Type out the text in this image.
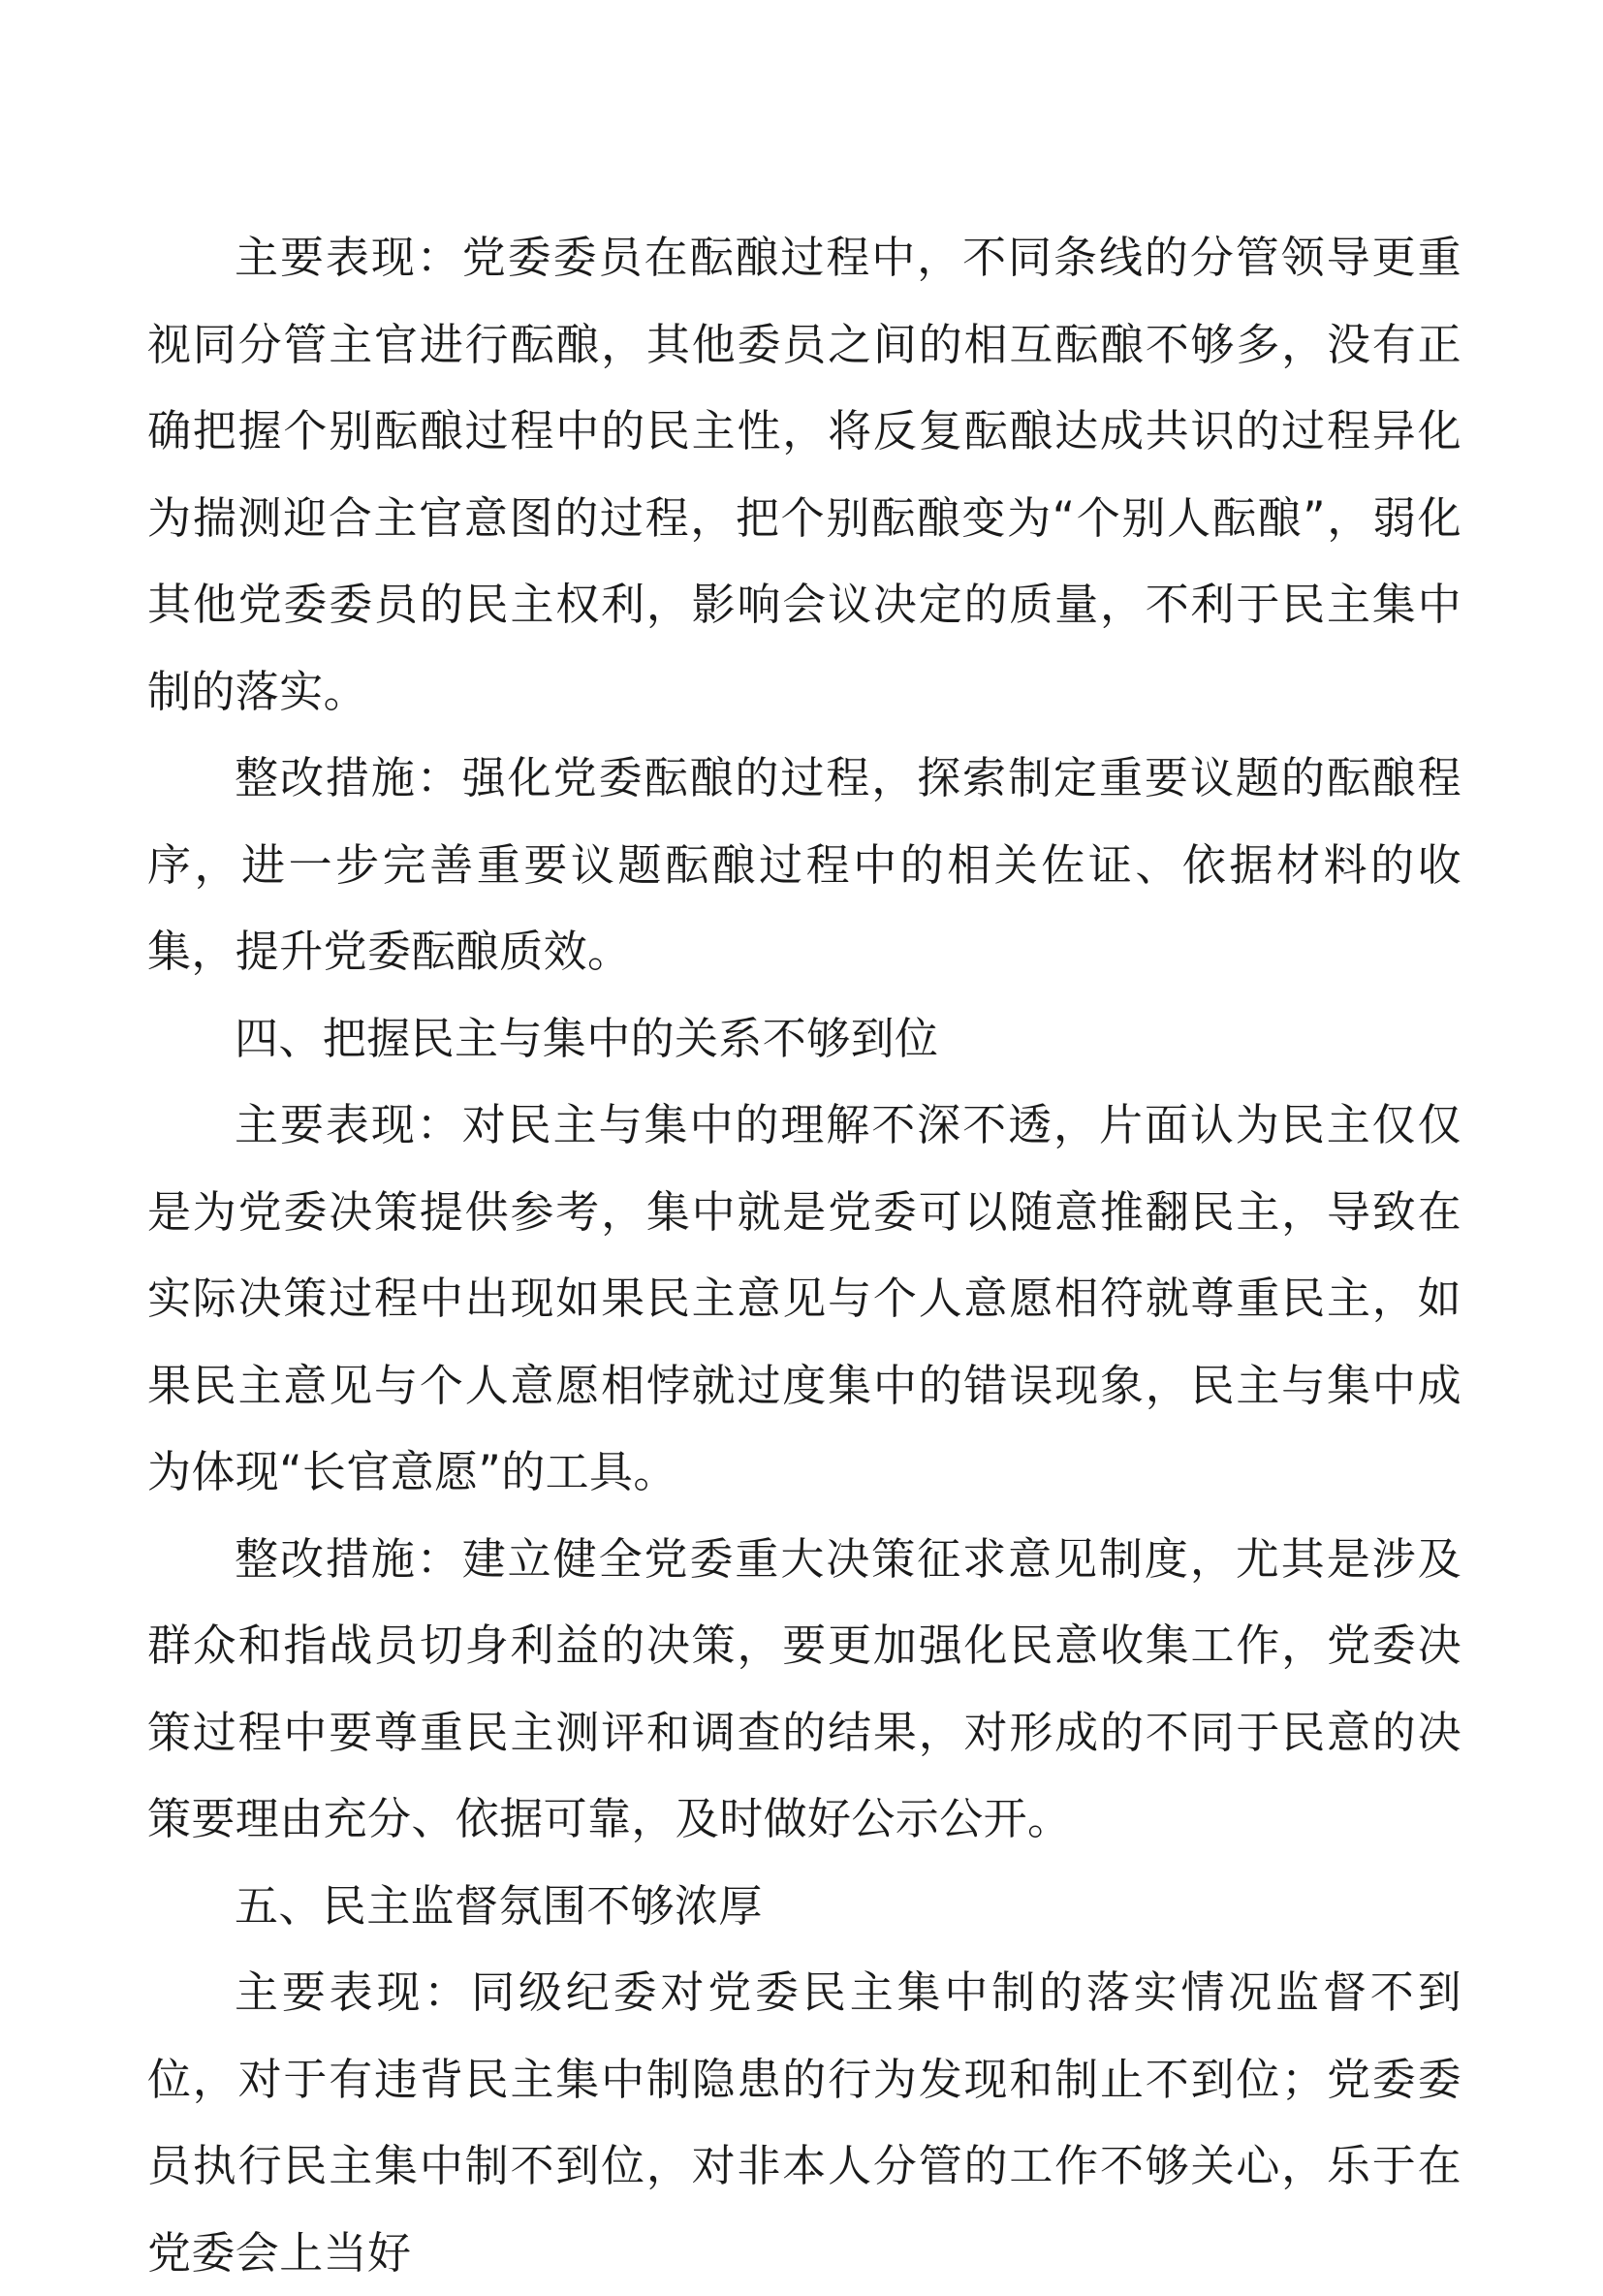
主要表现：党委委员在酝酿过程中，不同条线的分管领导更重视同分管主官进行酝酿，其他委员之间的相互酝酿不够多，没有正确把握个别酝酿过程中的民主性，将反复酝酿达成共识的过程异化为揣测迎合主官意图的过程，把个别酝酿变为“个别人酝酿”，弱化其他党委委员的民主权利，影响会议决定的质量，不利于民主集中制的落实。

整改措施：强化党委酝酿的过程，探索制定重要议题的酝酿程序，进一步完善重要议题酝酿过程中的相关佐证、依据材料的收集，提升党委酝酿质效。

四、把握民主与集中的关系不够到位

主要表现：对民主与集中的理解不深不透，片面认为民主仅仅是为党委决策提供参考，集中就是党委可以随意推翻民主，导致在实际决策过程中出现如果民主意见与个人意愿相符就尊重民主，如果民主意见与个人意愿相悖就过度集中的错误现象，民主与集中成为体现“长官意愿”的工具。

整改措施：建立健全党委重大决策征求意见制度，尤其是涉及群众和指战员切身利益的决策，要更加强化民意收集工作，党委决策过程中要尊重民主测评和调查的结果，对形成的不同于民意的决策要理由充分、依据可靠，及时做好公示公开。

五、民主监督氛围不够浓厚

主要表现：同级纪委对党委民主集中制的落实情况监督不到位，对于有违背民主集中制隐患的行为发现和制止不到位；党委委员执行民主集中制不到位，对非本人分管的工作不够关心，乐于在党委会上当好
